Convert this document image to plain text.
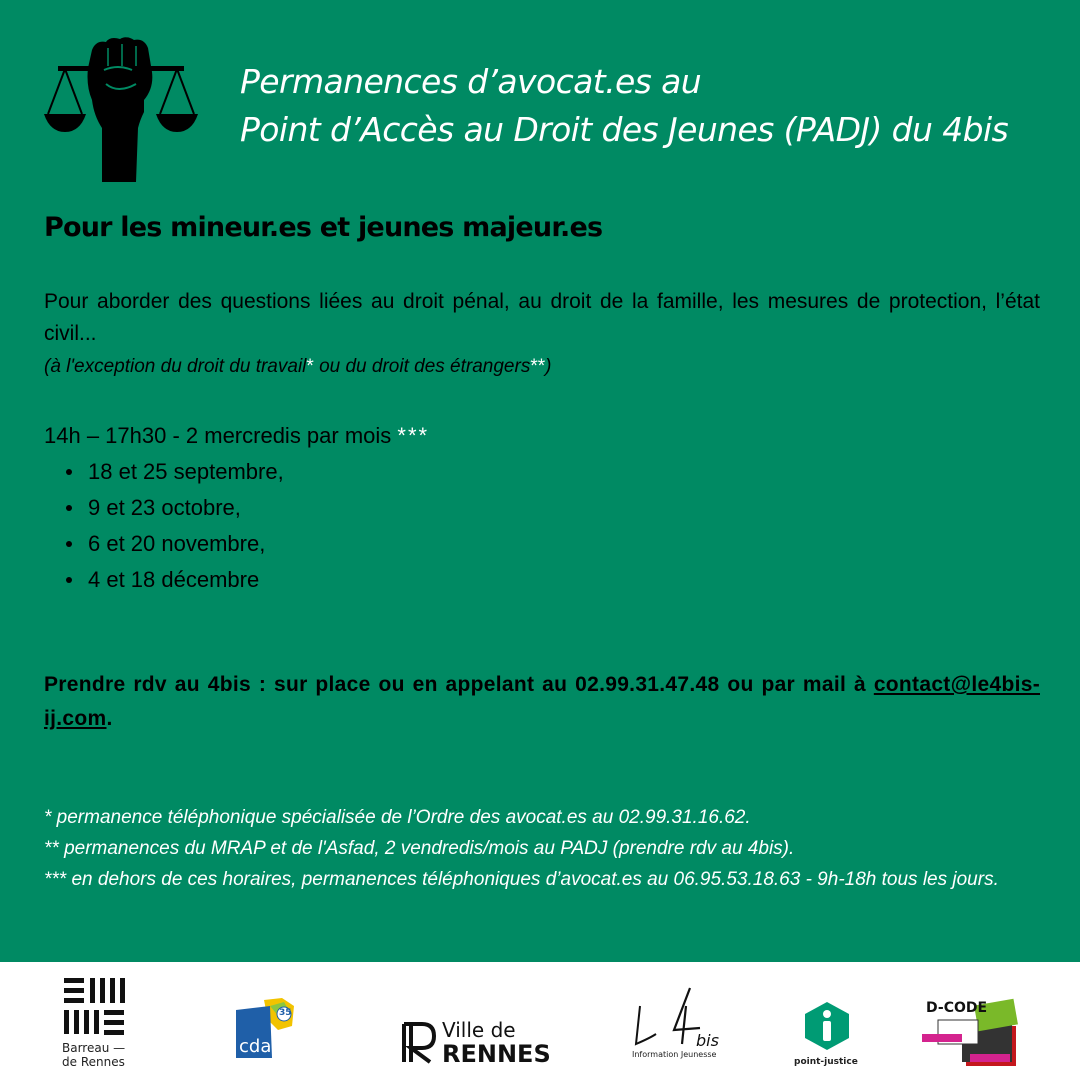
Permanences d’avocat.es au
Point d’Accès au Droit des Jeunes (PADJ) du 4bis
Pour les mineur.es et jeunes majeur.es
Pour aborder des questions liées au droit pénal, au droit de la famille, les mesures de protection, l’état civil...
(à l'exception du droit du travail* ou du droit des étrangers**)
14h – 17h30 - 2 mercredis par mois ***
18 et 25 septembre,
9 et 23 octobre,
6 et 20 novembre,
4 et 18 décembre
Prendre rdv au 4bis : sur place ou en appelant au 02.99.31.47.48 ou par mail à contact@le4bis-ij.com.
* permanence téléphonique spécialisée de l’Ordre des avocat.es au 02.99.31.16.62.
** permanences du MRAP et de l'Asfad, 2 vendredis/mois au PADJ (prendre rdv au 4bis).
*** en dehors de ces horaires, permanences téléphoniques d’avocat.es au 06.95.53.18.63 - 9h-18h tous les jours.
Barreau —
de Rennes
cdad
35
Ville de
RENNES	bis
Information Jeunesse
point-justice
D-CODE
